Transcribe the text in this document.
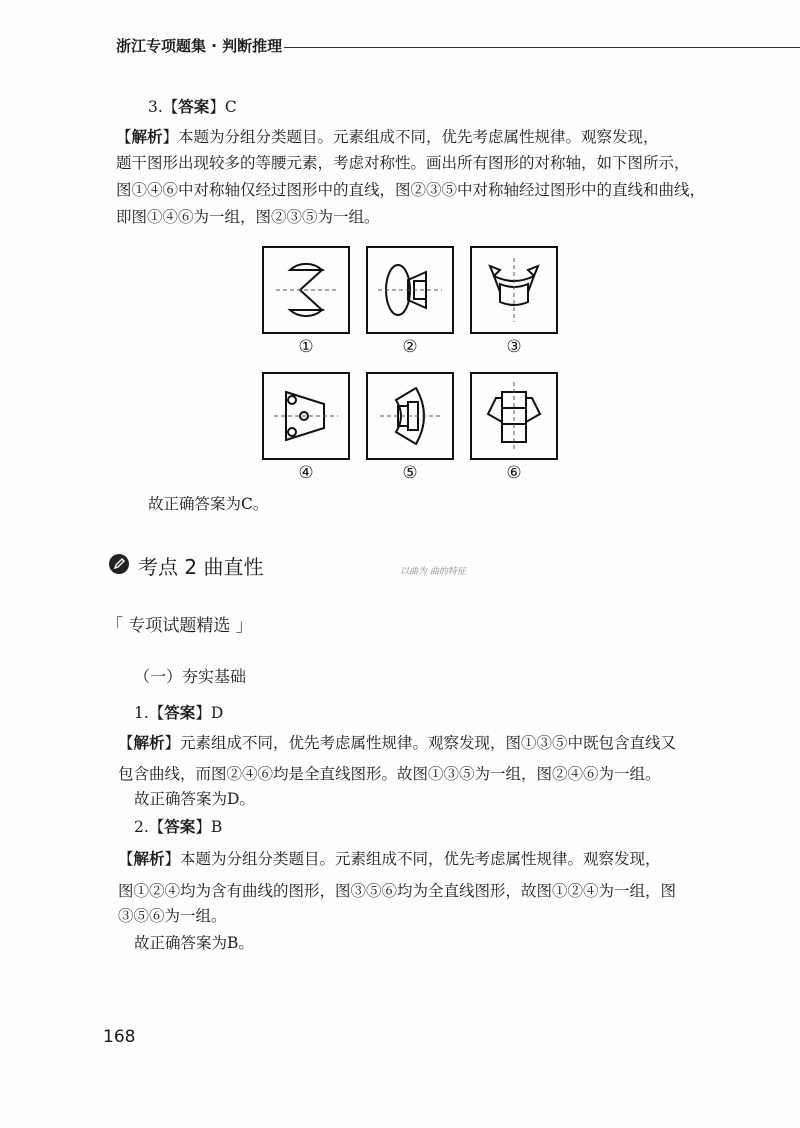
浙江专项题集 · 判断推理
3.【答案】C
【解析】本题为分组分类题目。元素组成不同，优先考虑属性规律。观察发现，
题干图形出现较多的等腰元素，考虑对称性。画出所有图形的对称轴，如下图所示，
图①④⑥中对称轴仅经过图形中的直线，图②③⑤中对称轴经过图形中的直线和曲线，
即图①④⑥为一组，图②③⑤为一组。
①	②	③
④	⑤	⑥
故正确答案为C。
考点 2 曲直性	以曲为 曲的特征
「 专项试题精选 」
（一）夯实基础
1.【答案】D
【解析】元素组成不同，优先考虑属性规律。观察发现，图①③⑤中既包含直线又
包含曲线，而图②④⑥均是全直线图形。故图①③⑤为一组，图②④⑥为一组。
故正确答案为D。
2.【答案】B
【解析】本题为分组分类题目。元素组成不同，优先考虑属性规律。观察发现，
图①②④均为含有曲线的图形，图③⑤⑥均为全直线图形，故图①②④为一组，图
③⑤⑥为一组。
故正确答案为B。
168
